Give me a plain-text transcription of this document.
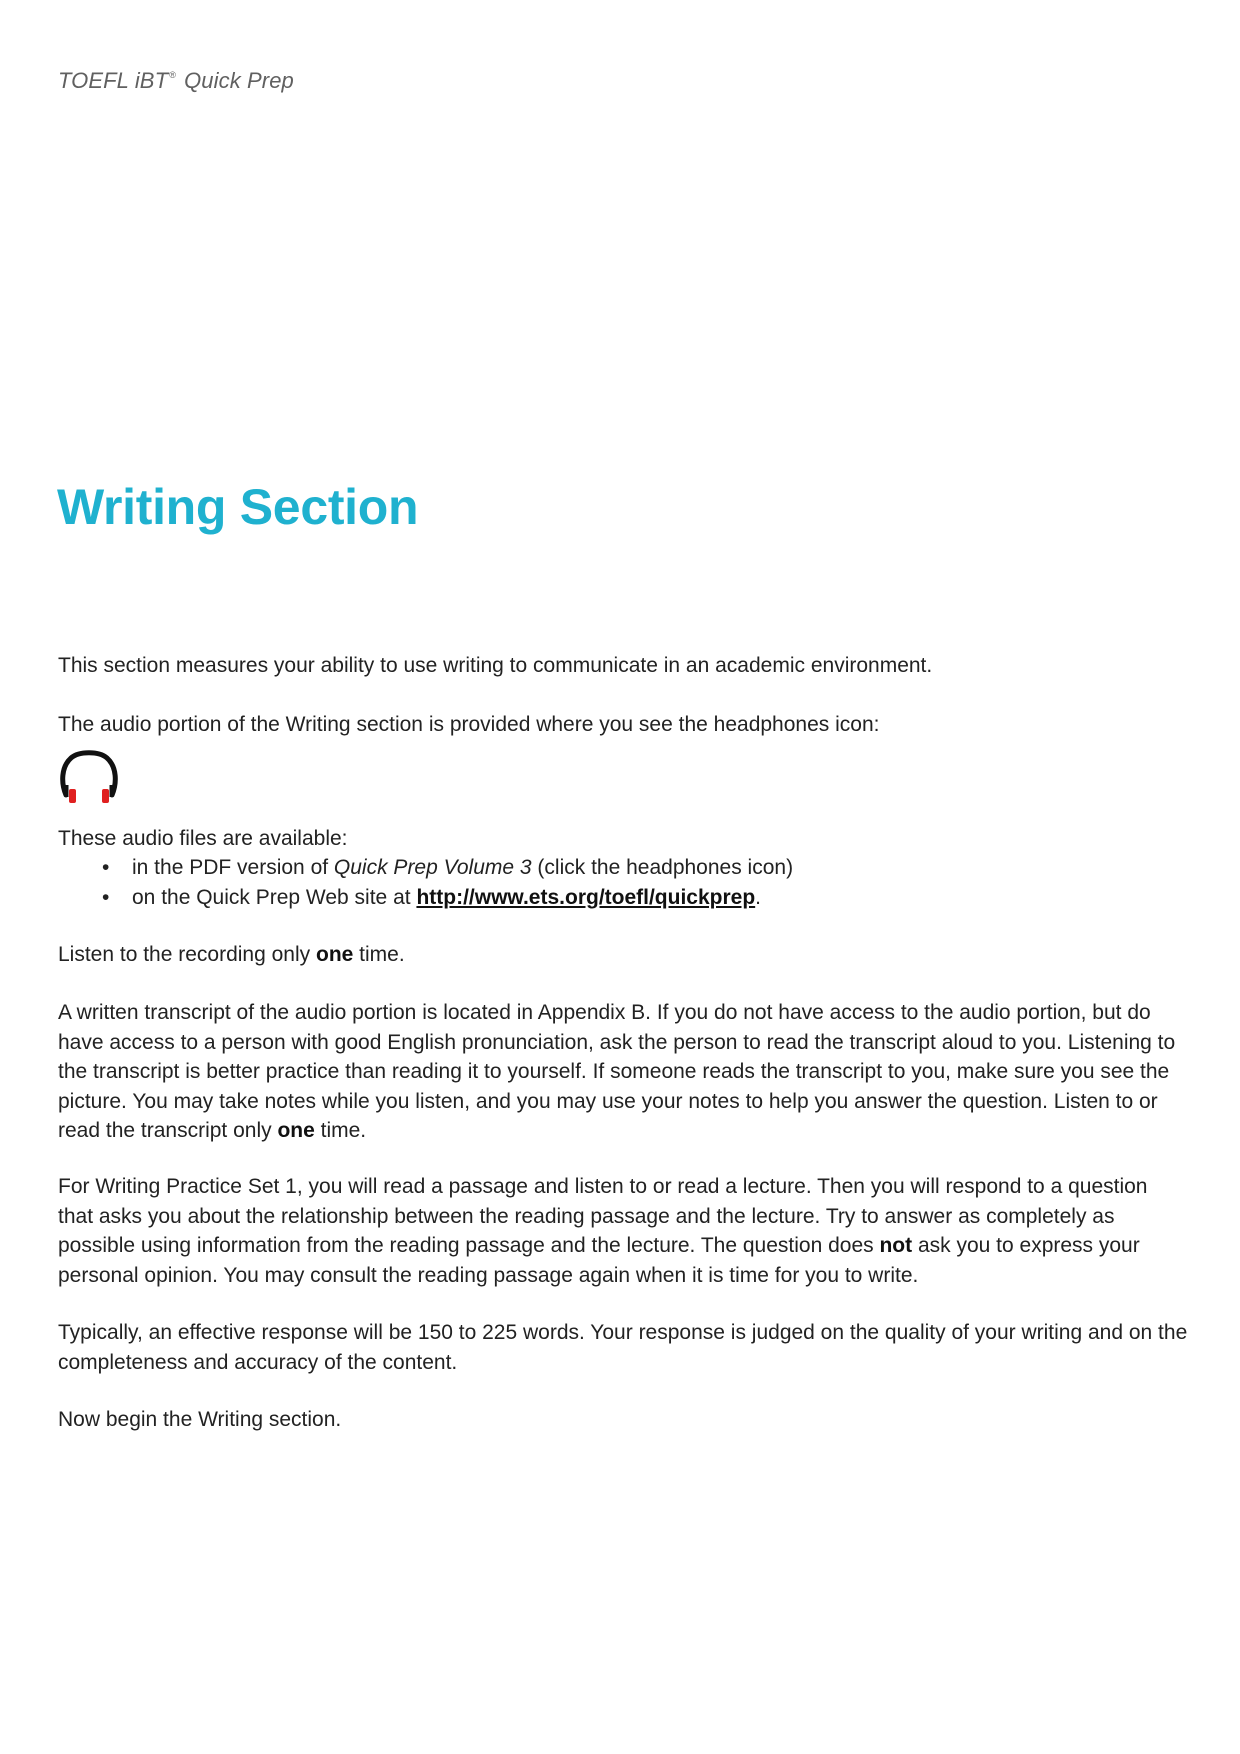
TOEFL iBT® Quick Prep
Writing Section

This section measures your ability to use writing to communicate in an academic environment.

The audio portion of the Writing section is provided where you see the headphones icon:

These audio files are available:

• in the PDF version of Quick Prep Volume 3 (click the headphones icon)
• on the Quick Prep Web site at http://www.ets.org/toefl/quickprep.

Listen to the recording only one time.

A written transcript of the audio portion is located in Appendix B. If you do not have access to the audio portion, but do have access to a person with good English pronunciation, ask the person to read the transcript aloud to you. Listening to the transcript is better practice than reading it to yourself. If someone reads the transcript to you, make sure you see the picture. You may take notes while you listen, and you may use your notes to help you answer the question. Listen to or read the transcript only one time.

For Writing Practice Set 1, you will read a passage and listen to or read a lecture. Then you will respond to a question that asks you about the relationship between the reading passage and the lecture. Try to answer as completely as possible using information from the reading passage and the lecture. The question does not ask you to express your personal opinion. You may consult the reading passage again when it is time for you to write.

Typically, an effective response will be 150 to 225 words. Your response is judged on the quality of your writing and on the completeness and accuracy of the content.

Now begin the Writing section.
